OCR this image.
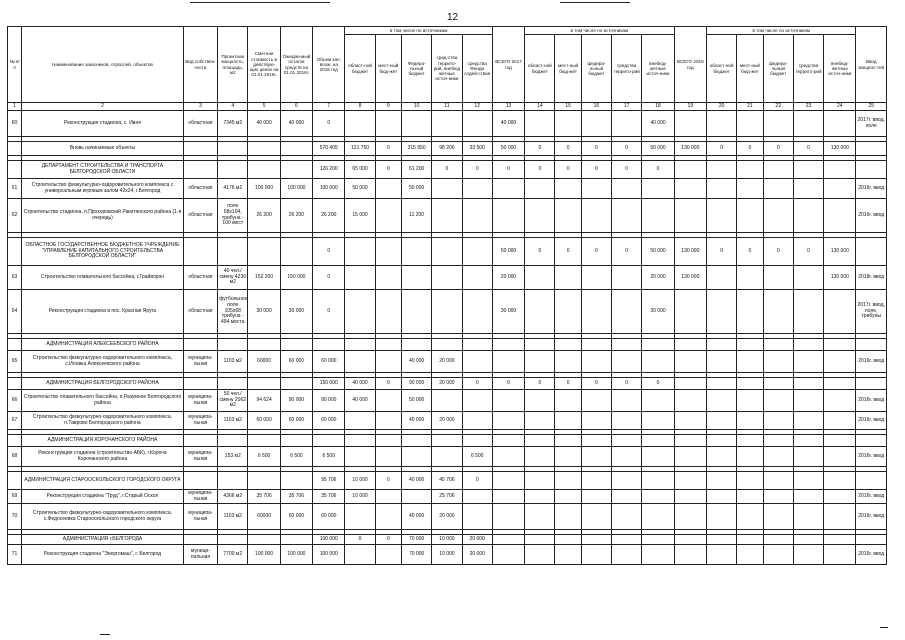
12
№ п/п	Наименование заказчиков, отраслей, объектов	Вид собствен-ности	Проектная мощность, площадь, м2	Сметная стоимость в действую-щих ценах на 01.01.2016г.	Ожидае-мый остаток средств на 01.01.2016г.	Объем кап. влож. на 2016 год	в том числе по источникам					ВСЕГО 2017 год	в том числе по источникам					ВСЕГО 2018 год	в том числе по источникам					Ввод мощнос-тей
							област-ной бюджет	мест-ный бюд-жет	Федера-льный бюджет	сред-ства террито-рий, внебюд жетные источ-ники	средства Фонда содей-ствия		област-ной бюджет	мест-ный бюд-жет	федера-льный бюджет	средства террито-рий	внебюд-жетные источ-ники		област-ной бюджет	мест-ный бюд-жет	федера-льный бюджет	средства террито-рий	внебюд-жетные источ-ники	
1	2	3	4	5	6	7	8	9	10	11	12	13	14	15	16	17	18	19	20	21	22	23	24	25
60	Реконструкция стадиона, с. Ивня	областная	7345 м2	40 000	40 000	0						40 000					40 000							2017г. ввод, поле

	Вновь начинаемые объекты					570 405	121 750	0	315 950	98 206	33 500	50 000	0	0	0	0	50 000	130 000	0	0	0	0	130 000	

	ДЕПАРТАМЕНТ СТРОИТЕЛЬСТВА И ТРАНСПОРТА БЕЛГОРОДСКОЙ ОБЛАСТИ					126 200	65 000	0	61 200	0	0	0	0	0	0	0	0							
61	Строительство физкультурно-оздоровительного комплекса с универсальным игровым залом 42х24, г.Белгород	областная	4176 м2	100 000	100 000	100 000	50 000		50 000															2016г. ввод
62	Строительство стадиона, п.Прохоровский Ракитянского района (1-я очередь)	областная	поле 68х104, трибуна - 100 мест	26 200	26 200	26 200	15 000		11 200															2016г. ввод

	ОБЛАСТНОЕ ГОСУДАРСТВЕННОЕ БЮДЖЕТНОЕ УЧРЕЖДЕНИЕ "УПРАВЛЕНИЕ КАПИТАЛЬНОГО СТРОИТЕЛЬСТВА БЕЛГОРОДСКОЙ ОБЛАСТИ"					0						50 000	0	0	0	0	50 000	130 000	0	0	0	0	130 000	
63	Строительство плавательного бассейна, г.Грайворон	областная	40 чел./смену 4236 м2	152 200	150 000	0						20 000					20 000	130 000					130 000	2018г. ввод
64	Реконструкция стадиона в пос. Красная Яруга	областная	футбольное поле 105х68 трибуна - 494 места	30 000	30 000	0						30 000					30 000							2017г. ввод, поле, трибуны

	АДМИНИСТРАЦИЯ АЛЕКСЕЕВСКОГО РАЙОНА																							
65	Строительство физкультурно-оздоровительного комплекса, с.Иловка Алексеевского района	муниципа-льная	1103 м2	60000	60 000	60 000			40 000	20 000														2016г. ввод

	АДМИНИСТРАЦИЯ БЕЛГОРОДСКОГО РАЙОНА					150 000	40 000	0	90 000	20 000	0	0	0	0	0	0	0							
66	Строительство плавательного бассейна, п.Разумное Белгородского района	муниципа-льная	50 чел./ смену 2062 м2	94 624	90 000	90 000	40 000		50 000															2016г. ввод
67	Строительство физкультурно-оздоровительного комплекса, п.Таврово Белгородского района	муниципа-льная	1103 м2	60 000	60 000	60 000			40 000	20 000														2016г. ввод

	АДМИНИСТРАЦИЯ КОРОЧАНСКОГО РАЙОНА																							
68	Реконструкция стадиона (строительство АБК), г.Короча Корочанского района	муниципа-льная	153 м2	6 500	6 500	6 500					6 500													2016г. ввод

	АДМИНИСТРАЦИЯ СТАРООСКОЛЬСКОГО ГОРОДСКОГО ОКРУГА					95 706	10 000	0	40 000	45 706	0													
69	Реконструкция стадиона "Труд", г.Старый Оскол	муниципа-льная	4366 м2	35 706	35 706	35 706	10 000			25 706														2016г. ввод
70	Строительство физкультурно-оздоровительного комплекса, с.Федосеевка Старооскольского городского округа	муниципа-льная	1103 м2	60000	60 000	60 000			40 000	20 000														2016г. ввод

	АДМИНИСТРАЦИЯ г.БЕЛГОРОДА					100 000	0	0	70 000	10 000	20 000													
71	Реконструкция стадиона "Энергомаш", г. Белгород	муници-пальная	7700 м2	100 000	100 000	100 000			70 000	10 000	20 000													2016г. ввод
